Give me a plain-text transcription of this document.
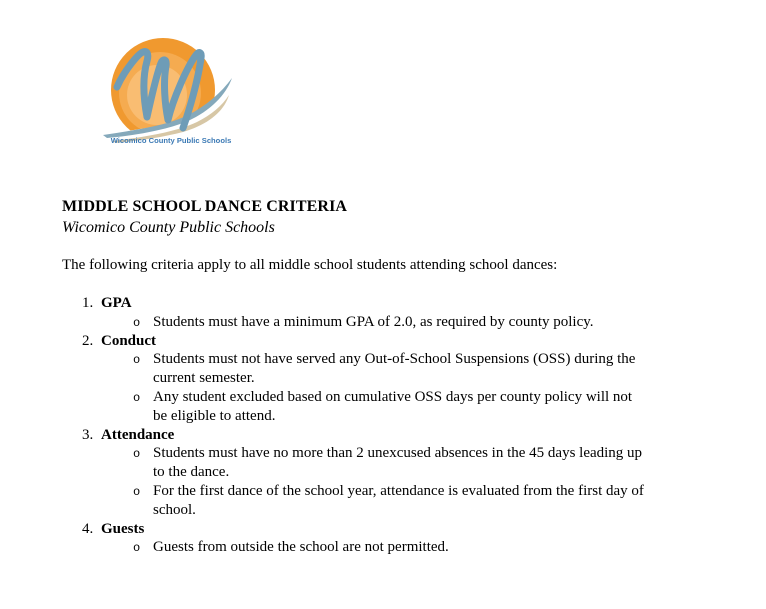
Wicomico County Public Schools
MIDDLE SCHOOL DANCE CRITERIA
Wicomico County Public Schools
The following criteria apply to all middle school students attending school dances:
1. GPA
o Students must have a minimum GPA of 2.0, as required by county policy.
2. Conduct
o Students must not have served any Out-of-School Suspensions (OSS) during the
current semester.
o Any student excluded based on cumulative OSS days per county policy will not
be eligible to attend.
3. Attendance
o Students must have no more than 2 unexcused absences in the 45 days leading up
to the dance.
o For the first dance of the school year, attendance is evaluated from the first day of
school.
4. Guests
o Guests from outside the school are not permitted.
